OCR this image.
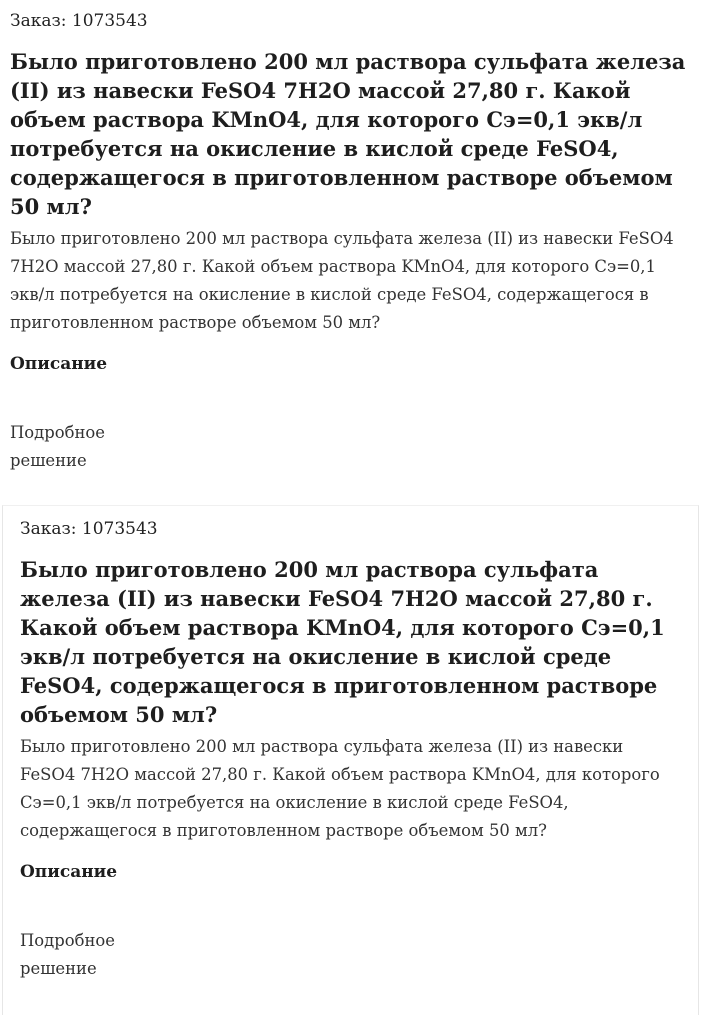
Заказ: 1073543
Было приготовлено 200 мл раствора сульфата железа (II) из навески FeSO4 7H2O массой 27,80 г. Какой объем раствора KMnO4, для которого Cэ=0,1 экв/л потребуется на окисление в кислой среде FeSO4, содержащегося в приготовленном растворе объемом 50 мл?
Было приготовлено 200 мл раствора сульфата железа (II) из навески FeSO4 7H2O массой 27,80 г. Какой объем раствора KMnO4, для которого Cэ=0,1 экв/л потребуется на окисление в кислой среде FeSO4, содержащегося в приготовленном растворе объемом 50 мл?
Описание
Подробное решение
Заказ: 1073543
Было приготовлено 200 мл раствора сульфата железа (II) из навески FeSO4 7H2O массой 27,80 г. Какой объем раствора KMnO4, для которого Cэ=0,1 экв/л потребуется на окисление в кислой среде FeSO4, содержащегося в приготовленном растворе объемом 50 мл?
Было приготовлено 200 мл раствора сульфата железа (II) из навески FeSO4 7H2O массой 27,80 г. Какой объем раствора KMnO4, для которого Cэ=0,1 экв/л потребуется на окисление в кислой среде FeSO4, содержащегося в приготовленном растворе объемом 50 мл?
Описание
Подробное решение
